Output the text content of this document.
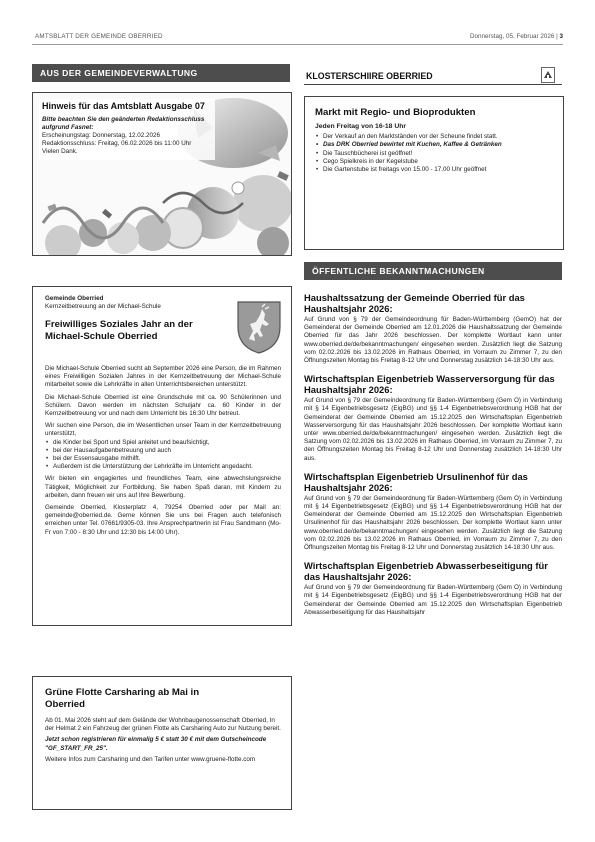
AMTSBLATT DER GEMEINDE OBERRIED	Donnerstag, 05. Februar 2026 | 3
AUS DER GEMEINDEVERWALTUNG
Hinweis für das Amtsblatt Ausgabe 07

Bitte beachten Sie den geänderten Redaktionsschluss aufgrund Fasnet:

Erscheinungstag: Donnerstag, 12.02.2026

Redaktionsschluss: Freitag, 06.02.2026 bis 11:00 Uhr

Vielen Dank.

Gemeinde Oberried

Kernzeitbetreuung an der Michael-Schule

Freiwilliges Soziales Jahr an der Michael-Schule Oberried

Die Michael-Schule Oberried sucht ab September 2026 eine Person, die im Rahmen eines Freiwilligen Sozialen Jahres in der Kernzeitbetreuung der Michael-Schule mitarbeitet sowie die Lehrkräfte in allen Unterrichtsbereichen unterstützt.

Die Michael-Schule Oberried ist eine Grundschule mit ca. 90 Schülerinnen und Schülern. Davon werden im nächsten Schuljahr ca. 60 Kinder in der Kernzeitbetreuung vor und nach dem Unterricht bis 16:30 Uhr betreut.

Wir suchen eine Person, die im Wesentlichen unser Team in der Kernzeitbetreuung unterstützt,

• die Kinder bei Sport und Spiel anleitet und beaufsichtigt,
• bei der Hausaufgabenbetreuung und auch
• bei der Essensausgabe mithilft.
• Außerdem ist die Unterstützung der Lehrkräfte im Unterricht angedacht.

Wir bieten ein engagiertes und freundliches Team, eine abwechslungsreiche Tätigkeit, Möglichkeit zur Fortbildung. Sie haben Spaß daran, mit Kindern zu arbeiten, dann freuen wir uns auf Ihre Bewerbung.

Gemeinde Oberried, Klosterplatz 4, 79254 Oberried oder per Mail an: gemeinde@oberried.de. Gerne können Sie uns bei Fragen auch telefonisch erreichen unter Tel. 07661/9305-03. Ihre Ansprechpartnerin ist Frau Sandmann (Mo-Fr von 7:00 - 8:30 Uhr und 12:30 bis 14:00 Uhr).

Grüne Flotte Carsharing ab Mai in Oberried

Ab 01. Mai 2026 steht auf dem Gelände der Wohnbaugenossenschaft Oberried, In der Helmat 2 ein Fahrzeug der grünen Flotte als Carsharing Auto zur Nutzung bereit.

Jetzt schon registrieren für einmalig 5 € statt 30 € mit dem Gutscheincode "GF_START_FR_25".

Weitere Infos zum Carsharing und den Tarifen unter www.gruene-flotte.com

KLOSTERSCHIIRE OBERRIED
Markt mit Regio- und Bioprodukten

Jeden Freitag von 16-18 Uhr

• Der Verkauf an den Marktständen vor der Scheune findet statt.
• Das DRK Oberried bewirtet mit Kuchen, Kaffee & Getränken
• Die Tauschbücherei ist geöffnet!
• Cego Spielkreis in der Kegelstube
• Die Gartenstube ist freitags von 15.00 - 17.00 Uhr geöffnet
ÖFFENTLICHE BEKANNTMACHUNGEN
Haushaltssatzung der Gemeinde Oberried für das Haushaltsjahr 2026:
Auf Grund von § 79 der Gemeindeordnung für Baden-Württemberg (GemO) hat der Gemeinderat der Gemeinde Oberried am 12.01.2026 die Haushaltssatzung der Gemeinde Oberried für das Jahr 2026 beschlossen. Der komplette Wortlaut kann unter www.oberried.de/de/bekanntmachungen/ eingesehen werden. Zusätzlich liegt die Satzung vom 02.02.2026 bis 13.02.2026 im Rathaus Oberried, im Vorraum zu Zimmer 7, zu den Öffnungszeiten Montag bis Freitag 8-12 Uhr und Donnerstag zusätzlich 14-18:30 Uhr aus.
Wirtschaftsplan Eigenbetrieb Wasserversorgung für das Haushaltsjahr 2026:
Auf Grund von § 79 der Gemeindeordnung für Baden-Württemberg (Gem O) in Verbindung mit § 14 Eigenbetriebsgesetz (EigBG) und §§ 1-4 Eigenbetriebsverordnung HGB hat der Gemeinderat der Gemeinde Oberried am 15.12.2025 den Wirtschaftsplan Eigenbetrieb Wasserversorgung für das Haushaltsjahr 2026 beschlossen. Der komplette Wortlaut kann unter www.oberried.de/de/bekanntmachungen/ eingesehen werden. Zusätzlich liegt die Satzung vom 02.02.2026 bis 13.02.2026 im Rathaus Oberried, im Vorraum zu Zimmer 7, zu den Öffnungszeiten Montag bis Freitag 8-12 Uhr und Donnerstag zusätzlich 14-18:30 Uhr aus.
Wirtschaftsplan Eigenbetrieb Ursulinenhof für das Haushaltsjahr 2026:
Auf Grund von § 79 der Gemeindeordnung für Baden-Württemberg (Gem O) in Verbindung mit § 14 Eigenbetriebsgesetz (EigBG) und §§ 1-4 Eigenbetriebsverordnung HGB hat der Gemeinderat der Gemeinde Oberried am 15.12.2025 den Wirtschaftsplan Eigenbetrieb Ursulinenhof für das Haushaltsjahr 2026 beschlossen. Der komplette Wortlaut kann unter www.oberried.de/de/bekanntmachungen/ eingesehen werden. Zusätzlich liegt die Satzung vom 02.02.2026 bis 13.02.2026 im Rathaus Oberried, im Vorraum zu Zimmer 7, zu den Öffnungszeiten Montag bis Freitag 8-12 Uhr und Donnerstag zusätzlich 14-18:30 Uhr aus.
Wirtschaftsplan Eigenbetrieb Abwasserbeseitigung für das Haushaltsjahr 2026:
Auf Grund von § 79 der Gemeindeordnung für Baden-Württemberg (Gem O) in Verbindung mit § 14 Eigenbetriebsgesetz (EigBG) und §§ 1-4 Eigenbetriebsverordnung HGB hat der Gemeinderat der Gemeinde Oberried am 15.12.2025 den Wirtschaftsplan Eigenbetrieb Abwasserbeseitigung für das Haushaltsjahr
